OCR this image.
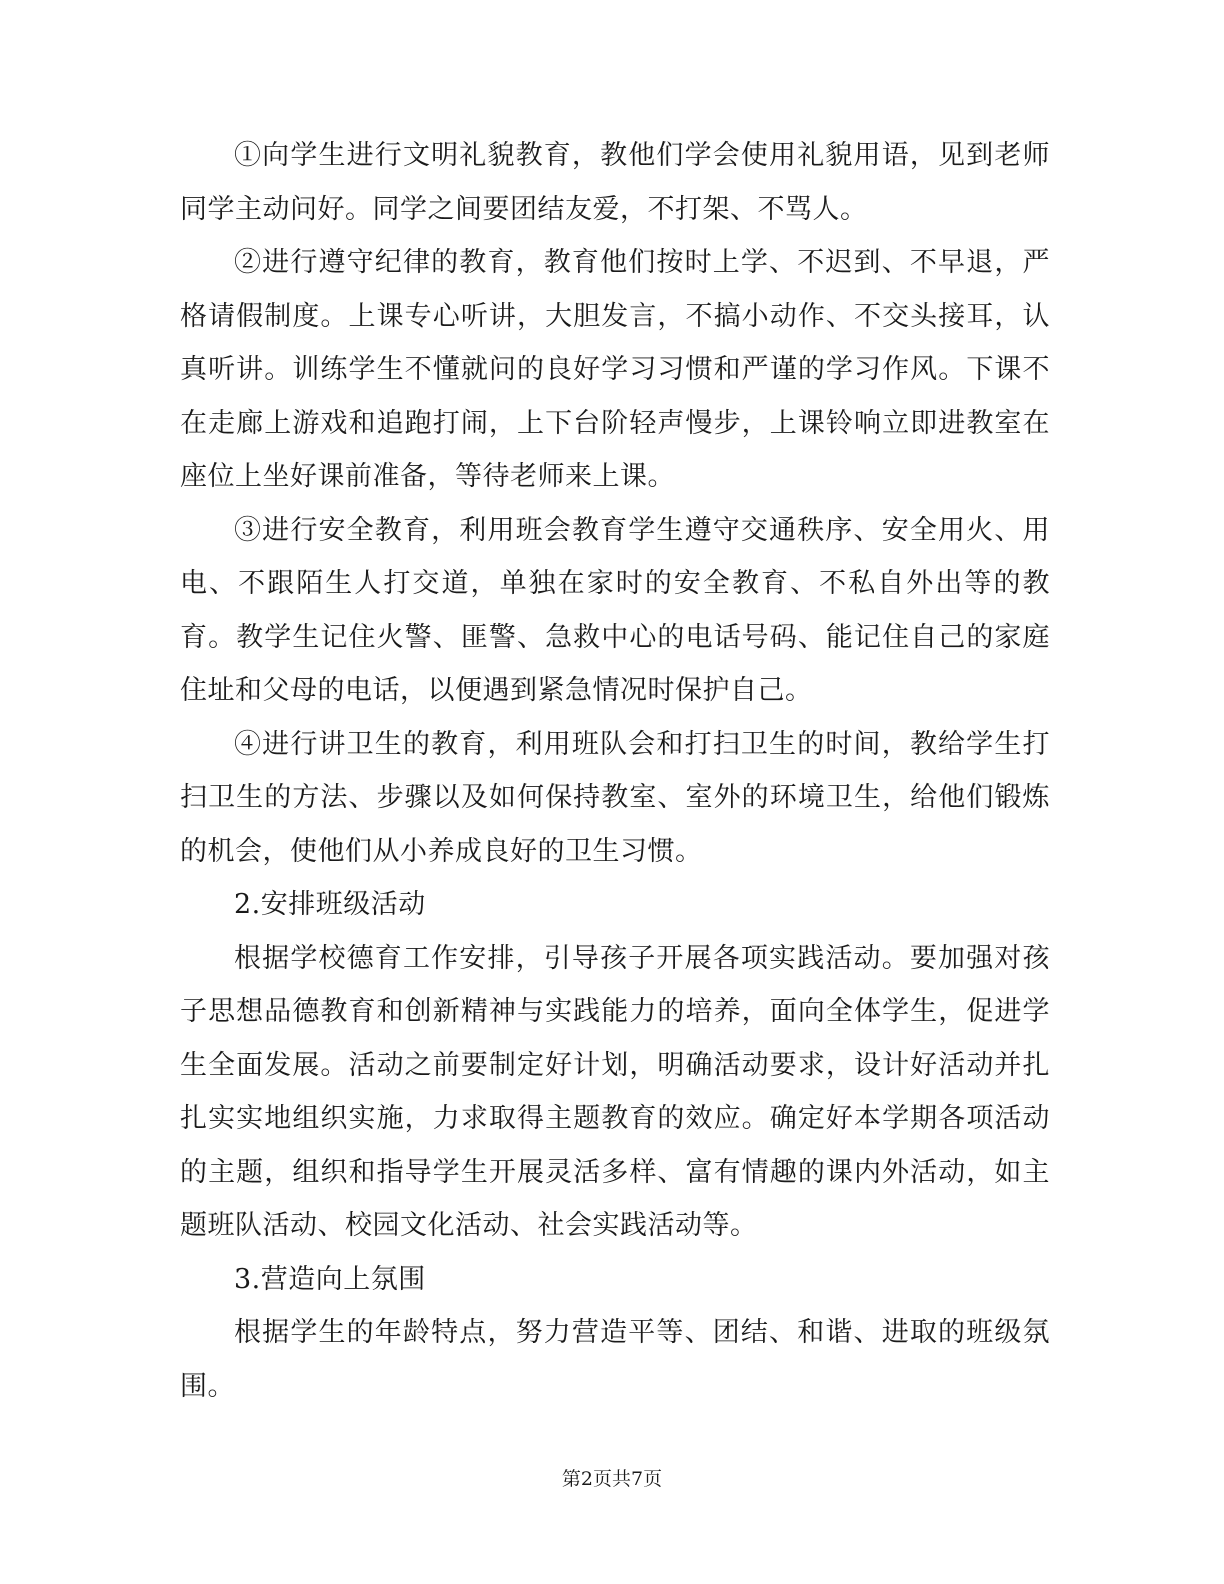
①向学生进行文明礼貌教育，教他们学会使用礼貌用语，见到老师同学主动问好。同学之间要团结友爱，不打架、不骂人。

②进行遵守纪律的教育，教育他们按时上学、不迟到、不早退，严格请假制度。上课专心听讲，大胆发言，不搞小动作、不交头接耳，认真听讲。训练学生不懂就问的良好学习习惯和严谨的学习作风。下课不在走廊上游戏和追跑打闹，上下台阶轻声慢步，上课铃响立即进教室在座位上坐好课前准备，等待老师来上课。

③进行安全教育，利用班会教育学生遵守交通秩序、安全用火、用电、不跟陌生人打交道，单独在家时的安全教育、不私自外出等的教育。教学生记住火警、匪警、急救中心的电话号码、能记住自己的家庭住址和父母的电话，以便遇到紧急情况时保护自己。

④进行讲卫生的教育，利用班队会和打扫卫生的时间，教给学生打扫卫生的方法、步骤以及如何保持教室、室外的环境卫生，给他们锻炼的机会，使他们从小养成良好的卫生习惯。

2.安排班级活动

根据学校德育工作安排，引导孩子开展各项实践活动。要加强对孩子思想品德教育和创新精神与实践能力的培养，面向全体学生，促进学生全面发展。活动之前要制定好计划，明确活动要求，设计好活动并扎扎实实地组织实施，力求取得主题教育的效应。确定好本学期各项活动的主题，组织和指导学生开展灵活多样、富有情趣的课内外活动，如主题班队活动、校园文化活动、社会实践活动等。

3.营造向上氛围

根据学生的年龄特点，努力营造平等、团结、和谐、进取的班级氛围。

第2页共7页
